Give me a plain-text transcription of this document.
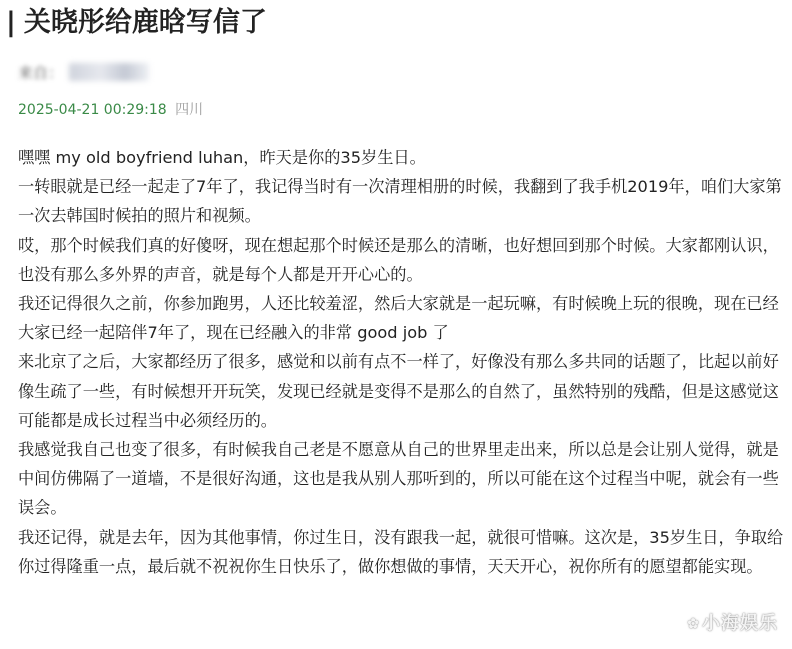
| 关晓彤给鹿晗写信了
来自：
2025-04-21 00:29:18 四川

嘿嘿 my old boyfriend luhan，昨天是你的35岁生日。

一转眼就是已经一起走了7年了，我记得当时有一次清理相册的时候，我翻到了我手机2019年，咱们大家第一次去韩国时候拍的照片和视频。

哎，那个时候我们真的好傻呀，现在想起那个时候还是那么的清晰，也好想回到那个时候。大家都刚认识，也没有那么多外界的声音，就是每个人都是开开心心的。

我还记得很久之前，你参加跑男，人还比较羞涩，然后大家就是一起玩嘛，有时候晚上玩的很晚，现在已经大家已经一起陪伴7年了，现在已经融入的非常 good job 了

来北京了之后，大家都经历了很多，感觉和以前有点不一样了，好像没有那么多共同的话题了，比起以前好像生疏了一些，有时候想开开玩笑，发现已经就是变得不是那么的自然了，虽然特别的残酷，但是这感觉这可能都是成长过程当中必须经历的。

我感觉我自己也变了很多，有时候我自己老是不愿意从自己的世界里走出来，所以总是会让别人觉得，就是中间仿佛隔了一道墙，不是很好沟通，这也是我从别人那听到的，所以可能在这个过程当中呢，就会有一些误会。

我还记得，就是去年，因为其他事情，你过生日，没有跟我一起，就很可惜嘛。这次是，35岁生日，争取给你过得隆重一点，最后就不祝祝你生日快乐了，做你想做的事情，天天开心，祝你所有的愿望都能实现。

✿ 小海娱乐
